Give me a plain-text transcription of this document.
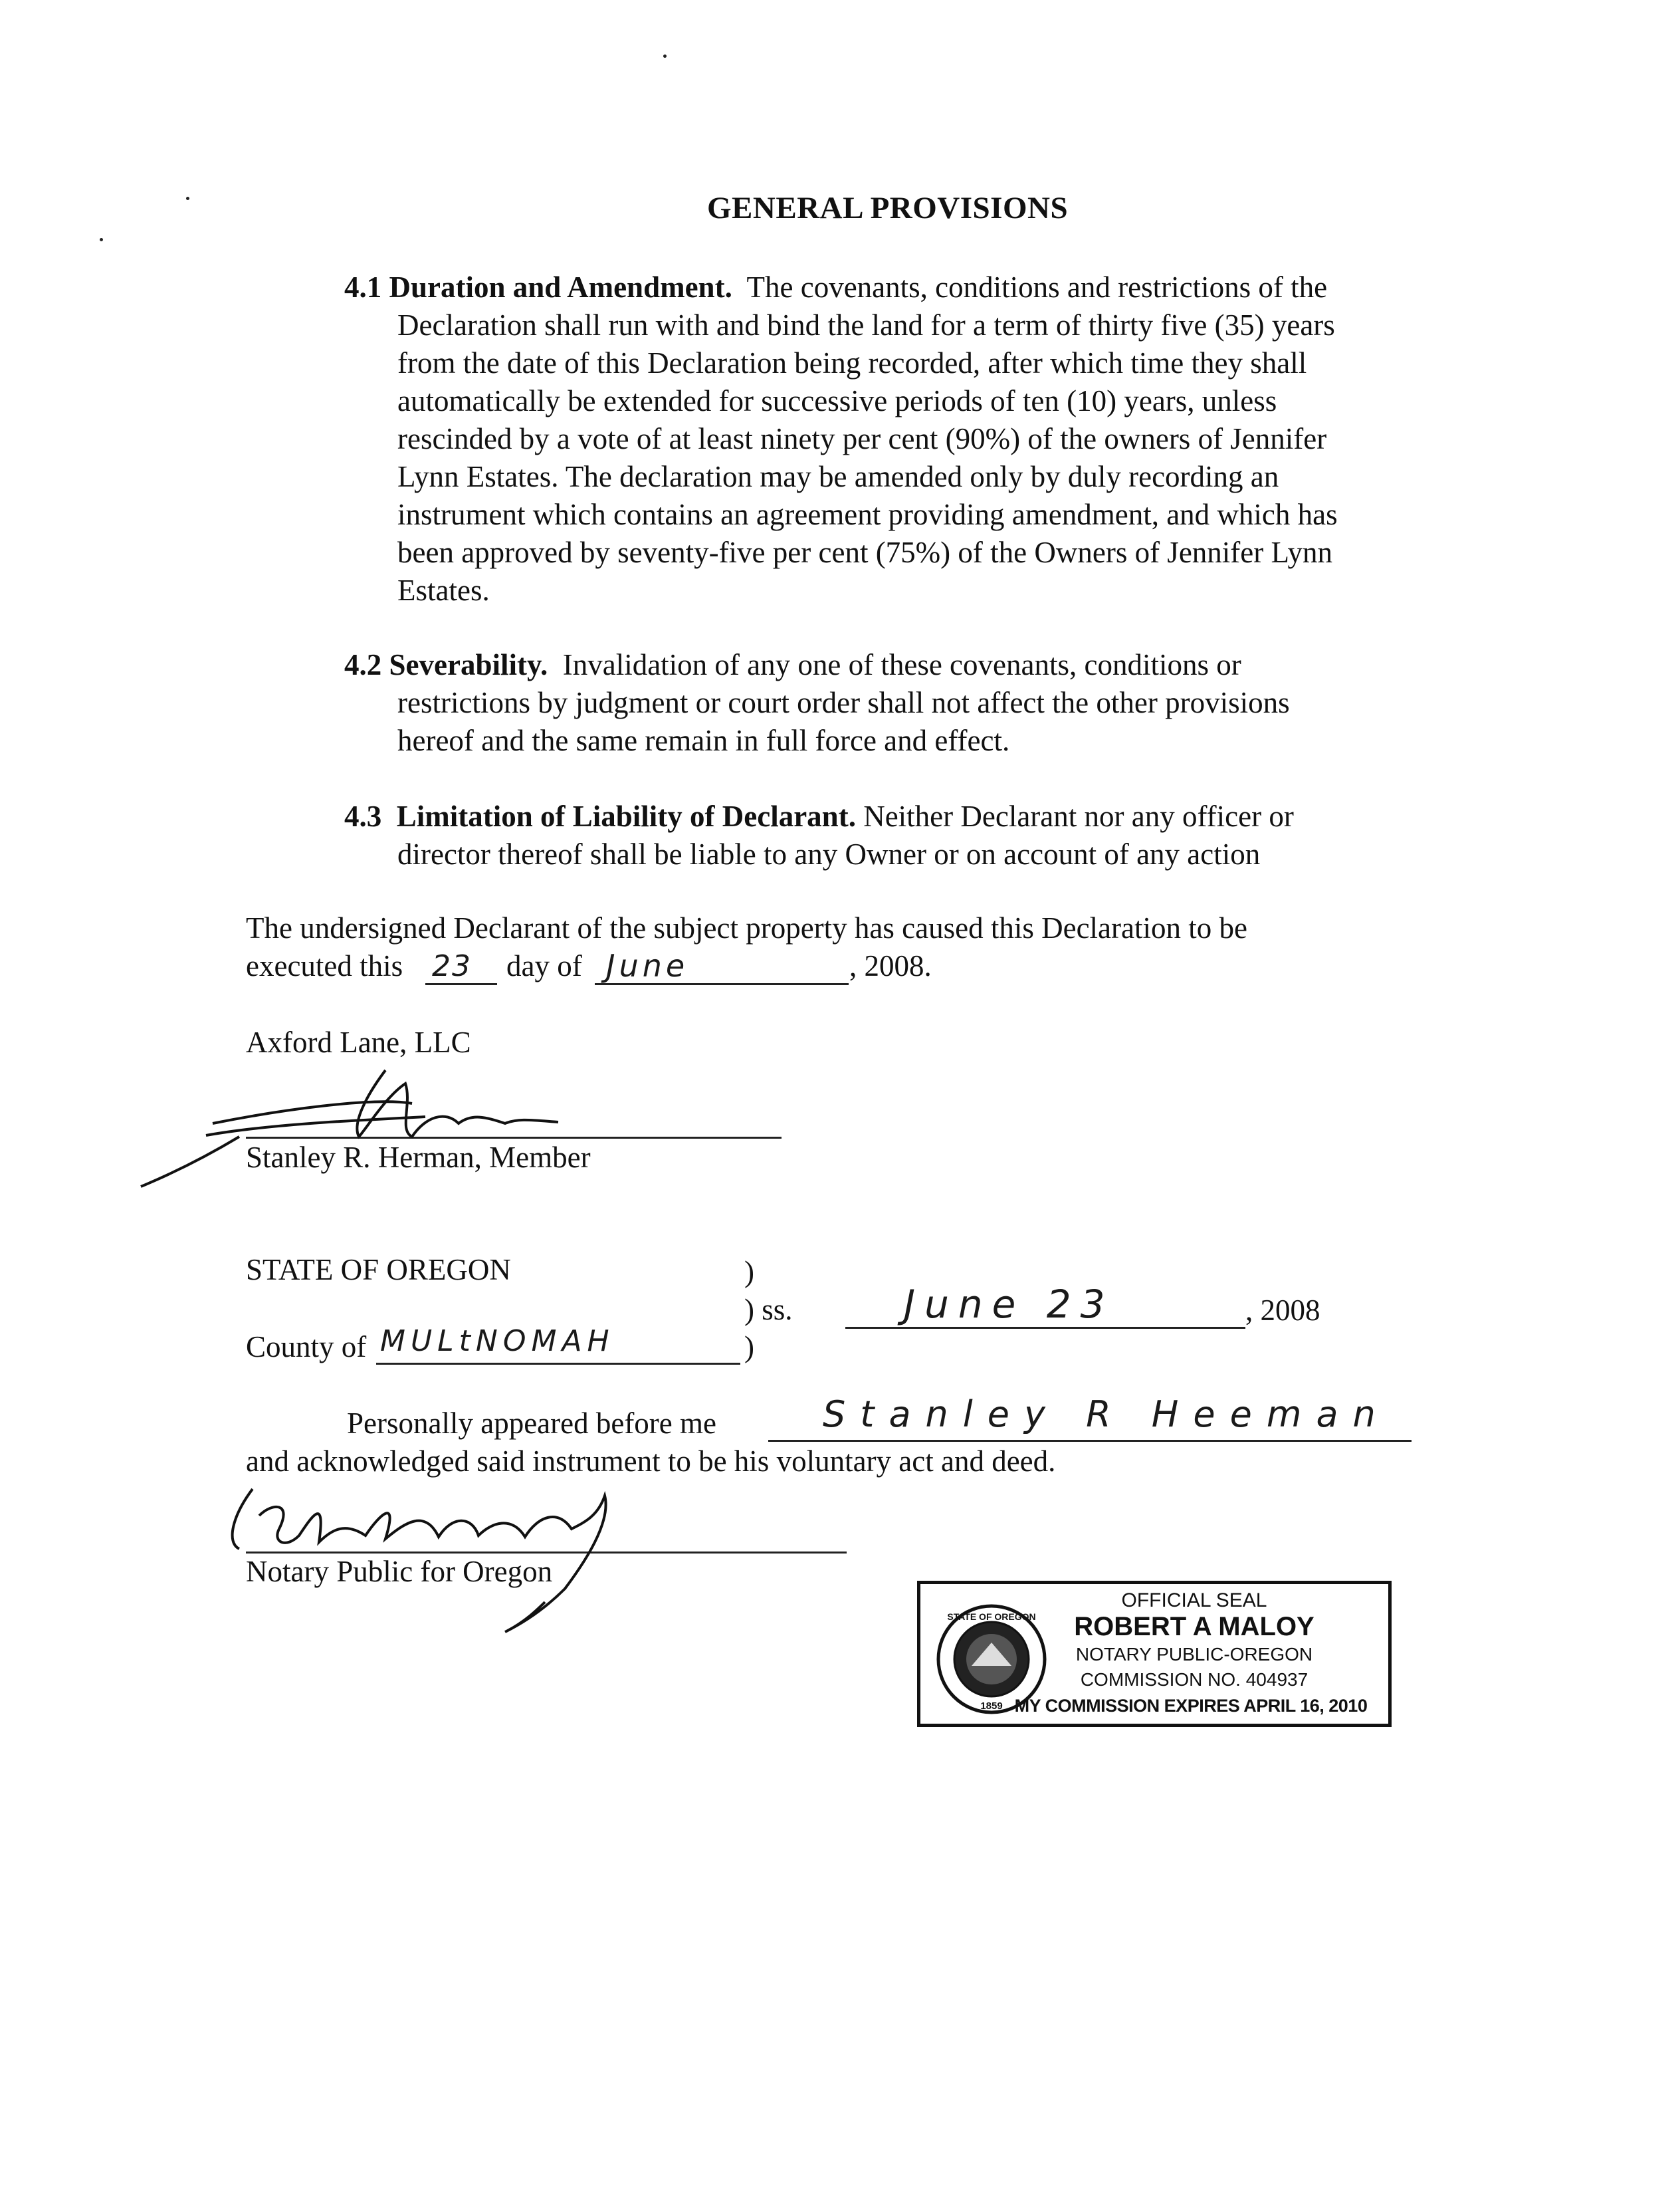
GENERAL PROVISIONS
4.1 Duration and Amendment. The covenants, conditions and restrictions of the
Declaration shall run with and bind the land for a term of thirty five (35) years
from the date of this Declaration being recorded, after which time they shall
automatically be extended for successive periods of ten (10) years, unless
rescinded by a vote of at least ninety per cent (90%) of the owners of Jennifer
Lynn Estates. The declaration may be amended only by duly recording an
instrument which contains an agreement providing amendment, and which has
been approved by seventy-five per cent (75%) of the Owners of Jennifer Lynn
Estates.
4.2 Severability. Invalidation of any one of these covenants, conditions or
restrictions by judgment or court order shall not affect the other provisions
hereof and the same remain in full force and effect.
4.3 Limitation of Liability of Declarant. Neither Declarant nor any officer or
director thereof shall be liable to any Owner or on account of any action
The undersigned Declarant of the subject property has caused this Declaration to be
executed this 23 day of June	, 2008.
Axford Lane, LLC
Stanley R. Herman, Member
STATE OF OREGON	)
) ss.	June 23	, 2008
County of MULtNOMAH	)
Personally appeared before me	Stanley R Heeman
and acknowledged said instrument to be his voluntary act and deed.
Notary Public for Oregon
STATE OF OREGON
1859
OFFICIAL SEAL
ROBERT A MALOY
NOTARY PUBLIC-OREGON
COMMISSION NO. 404937
MY COMMISSION EXPIRES APRIL 16, 2010
